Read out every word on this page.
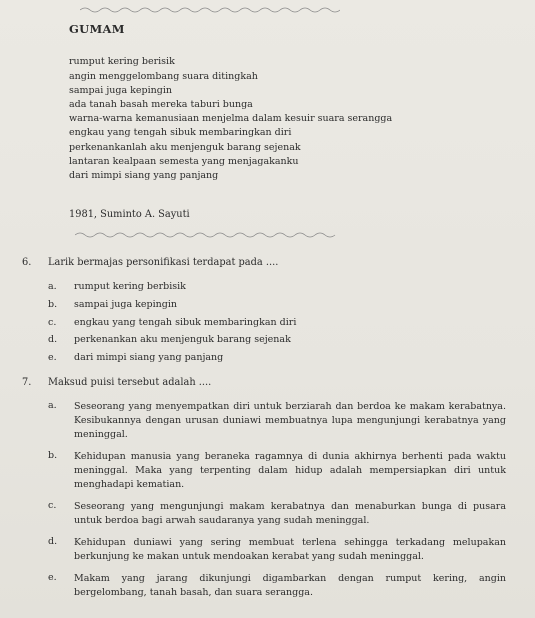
GUMAM
rumput kering berisik
angin menggelombang suara ditingkah
sampai juga kepingin
ada tanah basah mereka taburi bunga
warna-warna kemanusiaan menjelma dalam kesuir suara serangga
engkau yang tengah sibuk membaringkan diri
perkenankanlah aku menjenguk barang sejenak
lantaran kealpaan semesta yang menjagakanku
dari mimpi siang yang panjang
1981, Suminto A. Sayuti
6. Larik bermajas personifikasi terdapat pada ....
a. rumput kering berbisik
b. sampai juga kepingin
c. engkau yang tengah sibuk membaringkan diri
d. perkenankan aku menjenguk barang sejenak
e. dari mimpi siang yang panjang
7. Maksud puisi tersebut adalah ....
a. Seseorang yang menyempatkan diri untuk berziarah dan berdoa ke makam kerabatnya. Kesibukannya dengan urusan duniawi membuatnya lupa mengunjungi kerabatnya yang meninggal.
b. Kehidupan manusia yang beraneka ragamnya di dunia akhirnya berhenti pada waktu meninggal. Maka yang terpenting dalam hidup adalah mempersiapkan diri untuk menghadapi kematian.
c. Seseorang yang mengunjungi makam kerabatnya dan menaburkan bunga di pusara untuk berdoa bagi arwah saudaranya yang sudah meninggal.
d. Kehidupan duniawi yang sering membuat terlena sehingga terkadang melupakan berkunjung ke makan untuk mendoakan kerabat yang sudah meninggal.
e. Makam yang jarang dikunjungi digambarkan dengan rumput kering, angin bergelombang, tanah basah, dan suara serangga.
